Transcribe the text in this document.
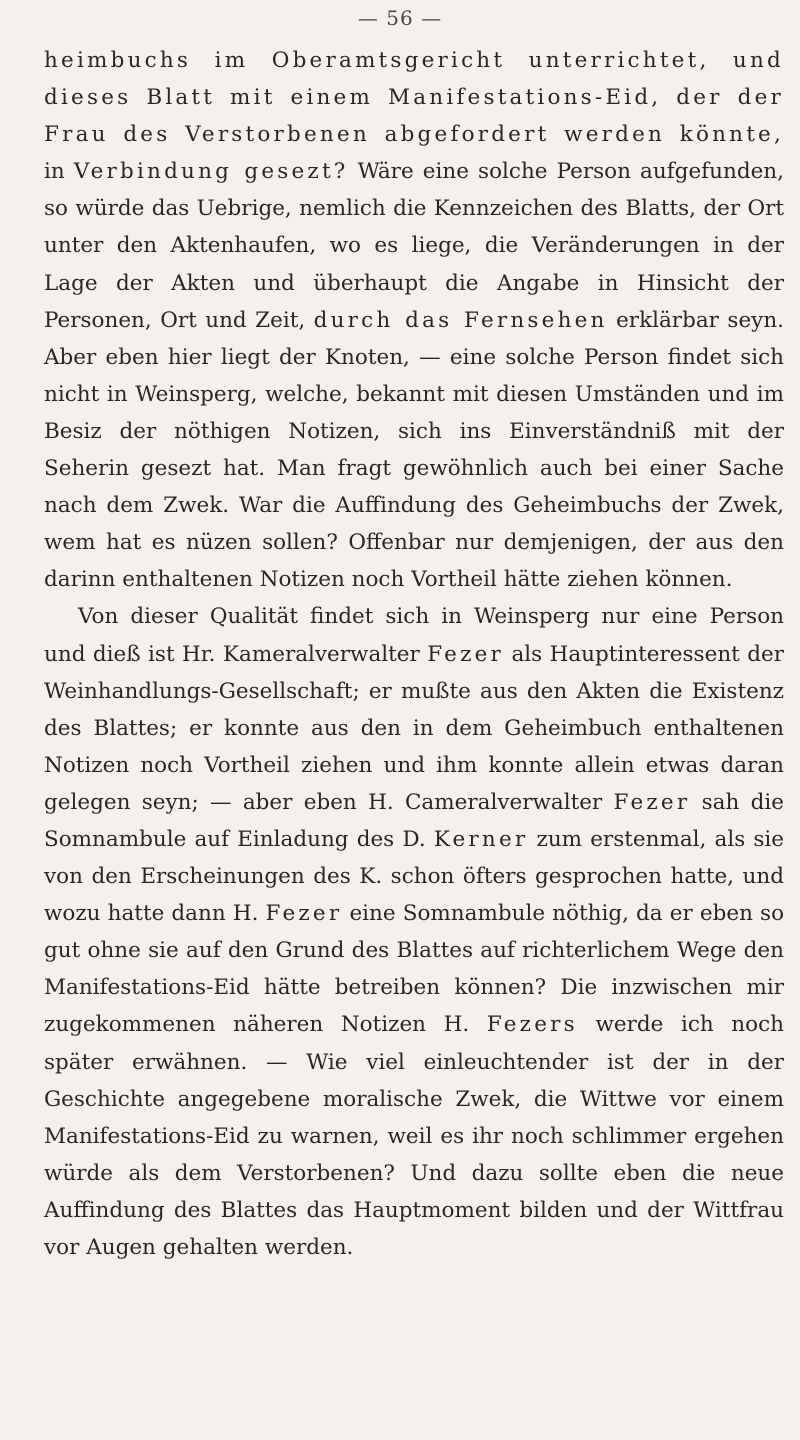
— 56 —

heimbuchs im Oberamtsgericht unterrichtet, und dieses Blatt mit einem Manifestations-Eid, der der Frau des Verstorbenen abgefordert werden könnte, in Verbindung gesezt? Wäre eine solche Person aufgefunden, so würde das Uebrige, nemlich die Kennzeichen des Blatts, der Ort unter den Aktenhaufen, wo es liege, die Veränderungen in der Lage der Akten und überhaupt die Angabe in Hinsicht der Personen, Ort und Zeit, durch das Fernsehen erklärbar seyn. Aber eben hier liegt der Knoten, — eine solche Person findet sich nicht in Weinsperg, welche, bekannt mit diesen Umständen und im Besiz der nöthigen Notizen, sich ins Einverständniß mit der Seherin gesezt hat. Man fragt gewöhnlich auch bei einer Sache nach dem Zwek. War die Auffindung des Geheimbuchs der Zwek, wem hat es nüzen sollen? Offenbar nur demjenigen, der aus den darinn enthaltenen Notizen noch Vortheil hätte ziehen können.

Von dieser Qualität findet sich in Weinsperg nur eine Person und dieß ist Hr. Kameralverwalter Fezer als Hauptinteressent der Weinhandlungs-Gesellschaft; er mußte aus den Akten die Existenz des Blattes; er konnte aus den in dem Geheimbuch enthaltenen Notizen noch Vortheil ziehen und ihm konnte allein etwas daran gelegen seyn; — aber eben H. Cameralverwalter Fezer sah die Somnambule auf Einladung des D. Kerner zum erstenmal, als sie von den Erscheinungen des K. schon öfters gesprochen hatte, und wozu hatte dann H. Fezer eine Somnambule nöthig, da er eben so gut ohne sie auf den Grund des Blattes auf richterlichem Wege den Manifestations-Eid hätte betreiben können? Die inzwischen mir zugekommenen näheren Notizen H. Fezers werde ich noch später erwähnen. — Wie viel einleuchtender ist der in der Geschichte angegebene moralische Zwek, die Wittwe vor einem Manifestations-Eid zu warnen, weil es ihr noch schlimmer ergehen würde als dem Verstorbenen? Und dazu sollte eben die neue Auffindung des Blattes das Hauptmoment bilden und der Wittfrau vor Augen gehalten werden.
